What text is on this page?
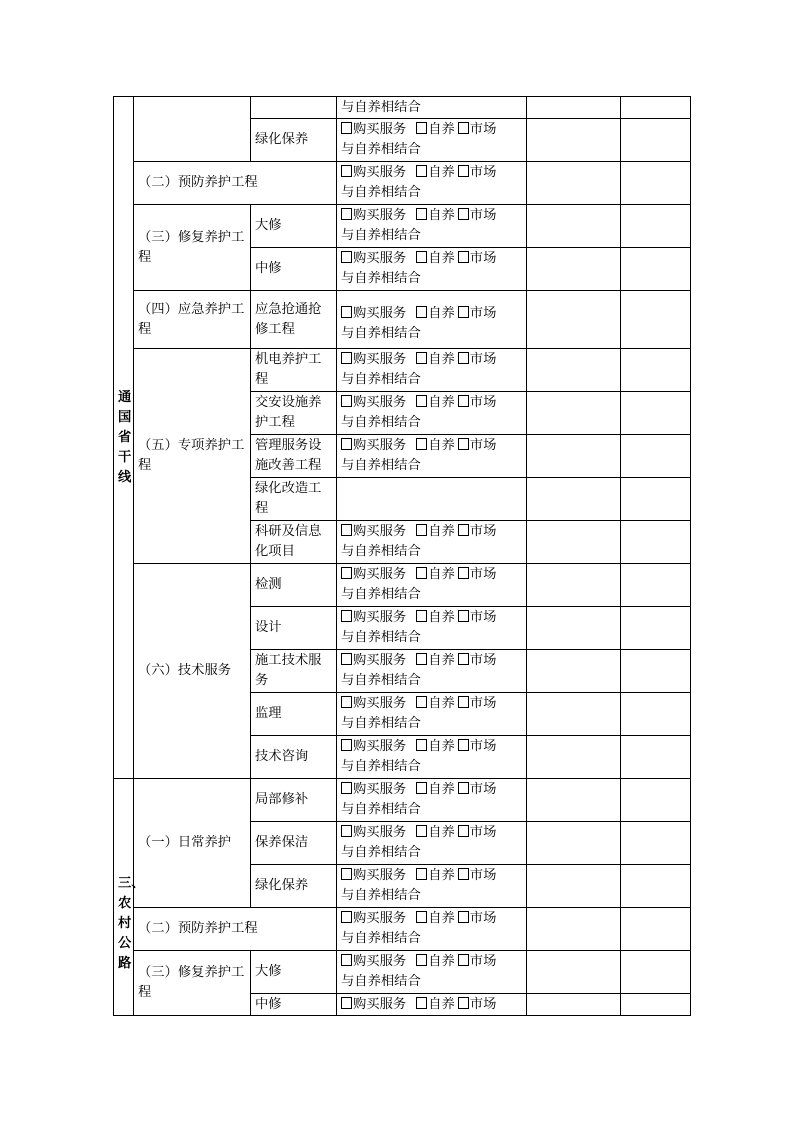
通国省干线			与自养相结合		
		绿化保养	购买服务 自养 市场
与自养相结合		
	（二）预防养护工程		购买服务 自养 市场
与自养相结合		
	（三）修复养护工程	大修	购买服务 自养 市场
与自养相结合		
		中修	购买服务 自养 市场
与自养相结合		
	（四）应急养护工程	应急抢通抢修工程	购买服务 自养 市场
与自养相结合		
	（五）专项养护工程	机电养护工程	购买服务 自养 市场
与自养相结合		
		交安设施养护工程	购买服务 自养 市场
与自养相结合		
		管理服务设施改善工程	购买服务 自养 市场
与自养相结合		
		绿化改造工程			
		科研及信息化项目	购买服务 自养 市场
与自养相结合		
	（六）技术服务	检测	购买服务 自养 市场
与自养相结合		
		设计	购买服务 自养 市场
与自养相结合		
		施工技术服务	购买服务 自养 市场
与自养相结合		
		监理	购买服务 自养 市场
与自养相结合		
		技术咨询	购买服务 自养 市场
与自养相结合		
三、农村公路	（一）日常养护	局部修补	购买服务 自养 市场
与自养相结合		
		保养保洁	购买服务 自养 市场
与自养相结合		
		绿化保养	购买服务 自养 市场
与自养相结合		
	（二）预防养护工程		购买服务 自养 市场
与自养相结合		
	（三）修复养护工程	大修	购买服务 自养 市场
与自养相结合		
		中修	购买服务 自养 市场		
